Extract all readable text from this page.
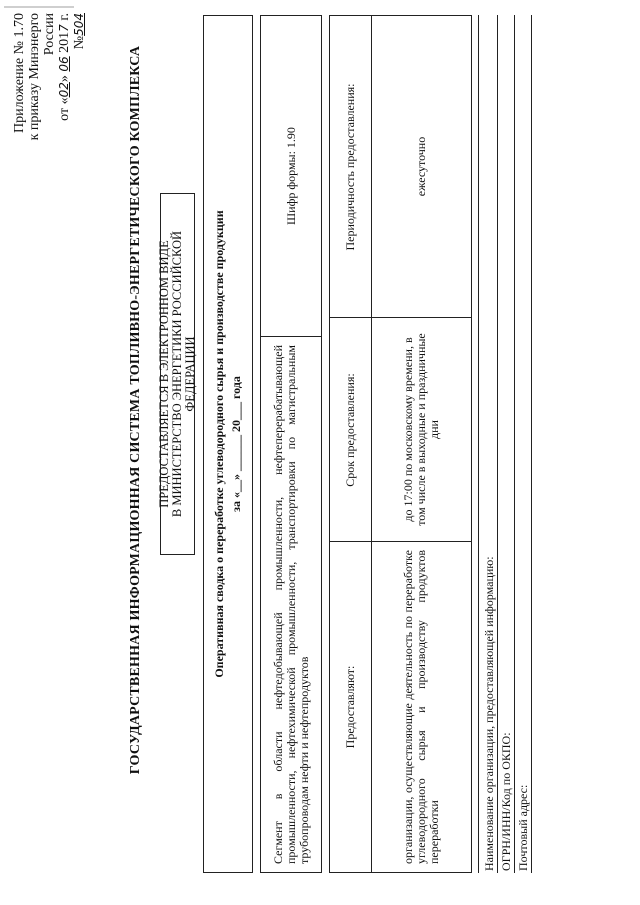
Приложение № 1.70 к приказу Минэнерго России
от «02» 06 2017 г. №504
ГОСУДАРСТВЕННАЯ ИНФОРМАЦИОННАЯ СИСТЕМА ТОПЛИВНО-ЭНЕРГЕТИЧЕСКОГО КОМПЛЕКСА ПРЕДОСТАВЛЯЕТСЯ В ЭЛЕКТРОННОМ ВИДЕ В МИНИСТЕРСТВО ЭНЕРГЕТИКИ РОССИЙСКОЙ ФЕДЕРАЦИИ Оперативная сводка о переработке углеводородного сырья и производстве продукции за «__» ______ 20___ года	Сегмент в области нефтедобывающей промышленности, нефтеперерабатывающей промышленности, нефтехимической промышленности, транспортировки по магистральным трубопроводам нефти и нефтепродуктов
Шифр формы: 1.90
Предоставляют:
Срок предоставления:
Периодичность предоставления:
организации, осуществляющие деятельность по переработке углеводородного сырья и производству продуктов переработки
до 17:00 по московскому времени, в том числе в выходные и праздничные дни
ежесуточно
Наименование организации, предоставляющей информацию: ОГРН/ИНН/Код по ОКПО: Почтовый адрес:
